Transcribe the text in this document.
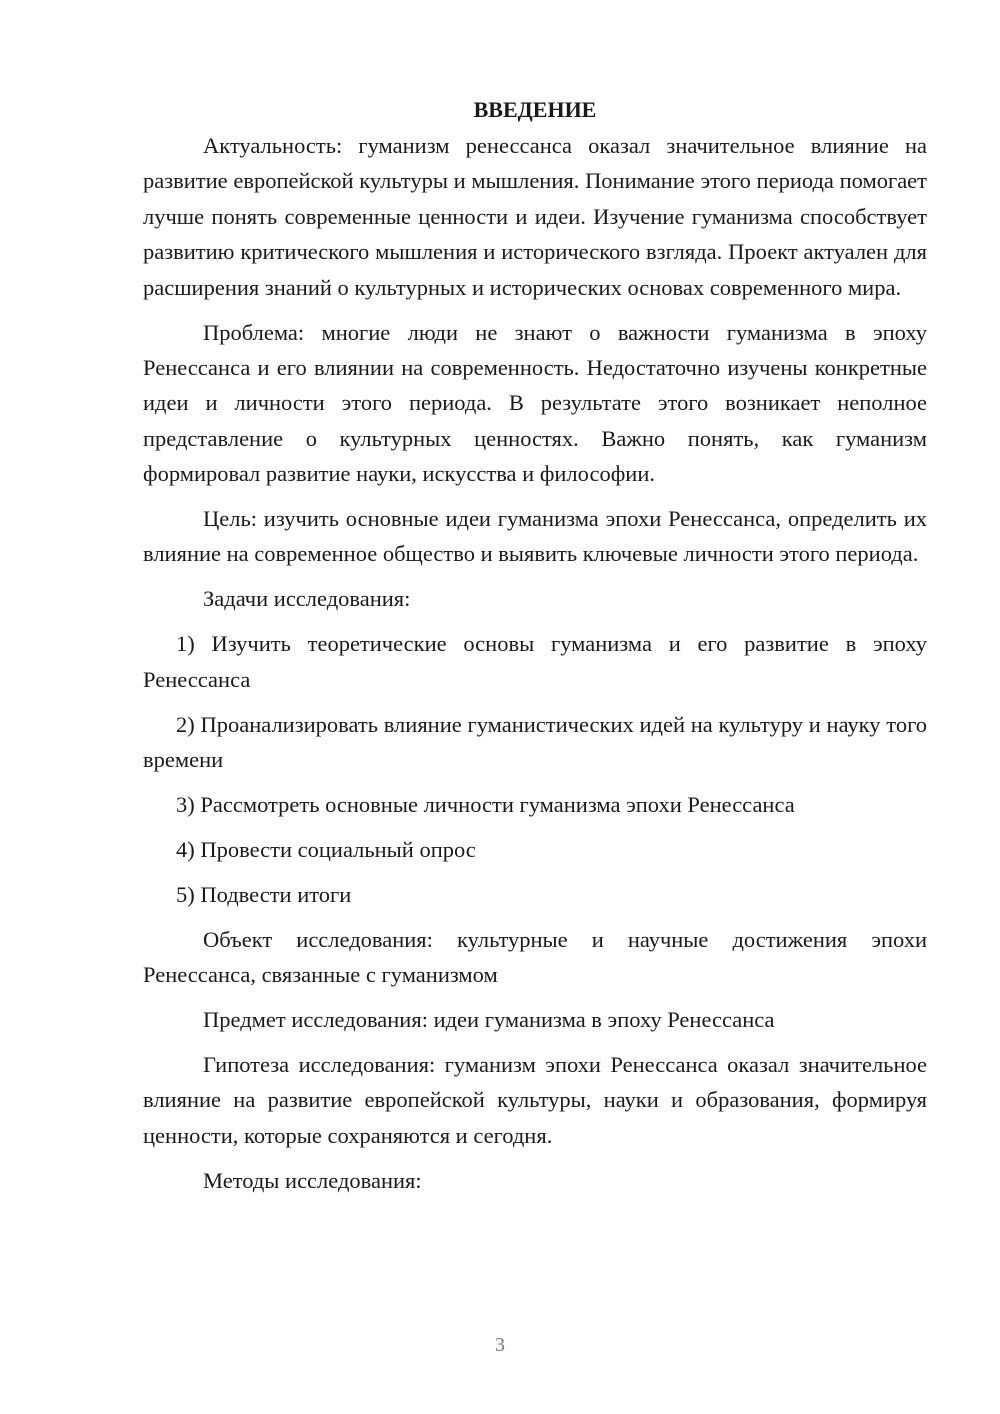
ВВЕДЕНИЕ

Актуальность: гуманизм ренессанса оказал значительное влияние на развитие европейской культуры и мышления. Понимание этого периода помогает лучше понять современные ценности и идеи. Изучение гуманизма способствует развитию критического мышления и исторического взгляда. Проект актуален для расширения знаний о культурных и исторических основах современного мира.

Проблема: многие люди не знают о важности гуманизма в эпоху Ренессанса и его влиянии на современность. Недостаточно изучены конкретные идеи и личности этого периода. В результате этого возникает неполное представление о культурных ценностях. Важно понять, как гуманизм формировал развитие науки, искусства и философии.

Цель: изучить основные идеи гуманизма эпохи Ренессанса, определить их влияние на современное общество и выявить ключевые личности этого периода.

Задачи исследования:

1) Изучить теоретические основы гуманизма и его развитие в эпоху Ренессанса

2) Проанализировать влияние гуманистических идей на культуру и науку того времени

3) Рассмотреть основные личности гуманизма эпохи Ренессанса

4) Провести социальный опрос

5) Подвести итоги

Объект исследования: культурные и научные достижения эпохи Ренессанса, связанные с гуманизмом

Предмет исследования: идеи гуманизма в эпоху Ренессанса

Гипотеза исследования: гуманизм эпохи Ренессанса оказал значительное влияние на развитие европейской культуры, науки и образования, формируя ценности, которые сохраняются и сегодня.

Методы исследования:

3
